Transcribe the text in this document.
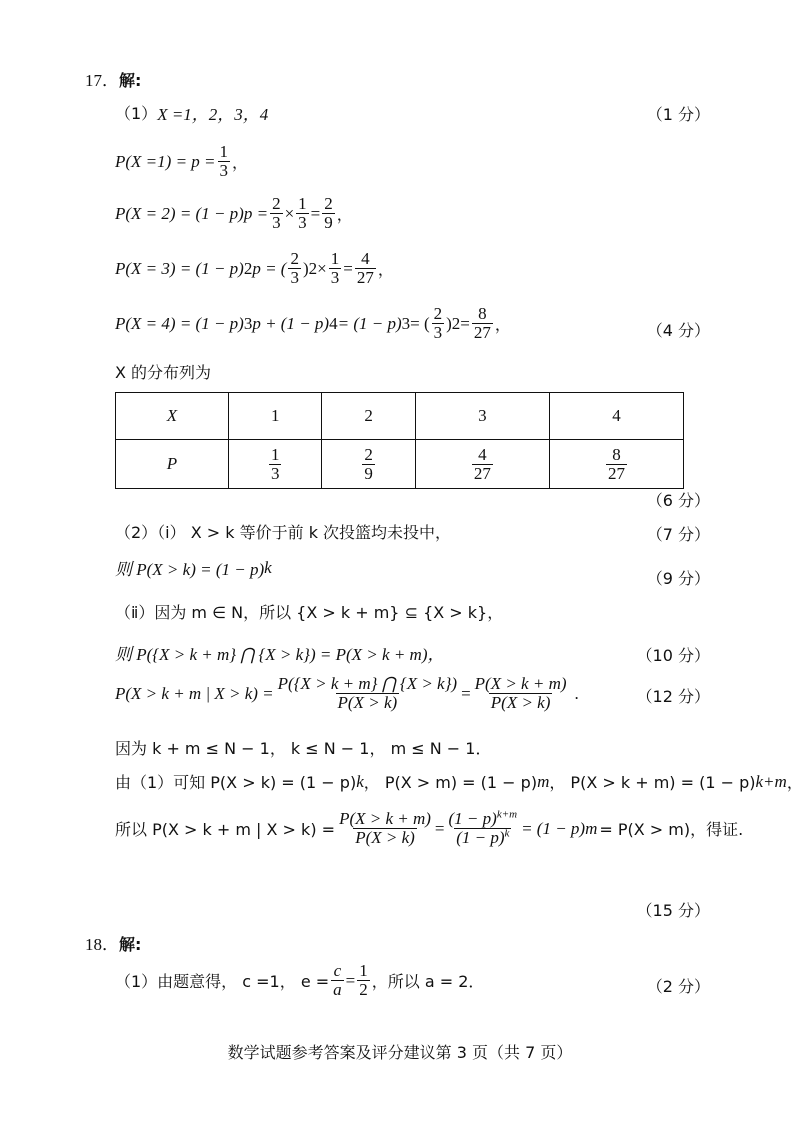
17．解:
（1） X =1，2，3，4	（1 分）
$P(X =1) = p = \frac{1}{3}$ ，
$P(X = 2) = (1 - p)p = \frac{2}{3} \times \frac{1}{3} = \frac{2}{9}$ ，
P(X = 3) = (1 − p) 2 p = ( $\frac{2}{3}$ ) $2 \times \frac{1}{3} = \frac{4}{27}$ ，
P(X = 4) = (1 − p) 3 p + (1 − p) 4 = (1 − p) 3 = ( $\frac{2}{3}$ ) $2 = \frac{8}{27}$ ，	（4 分）
X 的分布列为
X	1	2	3	4
P	$\frac{1}{3}$	$\frac{2}{9}$	$\frac{4}{27}$	$\frac{8}{27}$
（6 分）
（2）（ⅰ） X > k 等价于前 k 次投篮均未投中，	（7 分）
则 P(X > k) = (1 − p) k
（9 分）
（ⅱ）因为 m ∈ N，所以 {X > k + m} ⊆ {X > k}，
则 P({X > k + m} ⋂ {X > k}) = P(X > k + m)，	（10 分）
P(X > k + m | $X > k) = \frac{P(\{X > k + m\} ⋂ \{X > k\})}{P(X > k)} = \frac{P(X > k + m)}{P(X > k)}$ .	（12 分）
因为 k + m ≤ N − 1， k ≤ N − 1， m ≤ N − 1．
由（1）可知 P(X > k) = (1 − p) k ， P(X > m) = (1 − p) m ， P(X > k + m) = (1 − p) k+m ，
所以 P(X > k + m | $X > k) = \frac{P(X > k + m)}{P(X > k)} = \frac{(1 - p)^{k+m}}{(1 - p)^k} = (1 - p) m = P(X > m)$，得证.
（15 分）
18．解:
（1）由题意得， c =1， $e = \frac{c}{a} = \frac{1}{2}$ ，所以 a = 2．	（2 分）
数学试题参考答案及评分建议第 3 页（共 7 页）
